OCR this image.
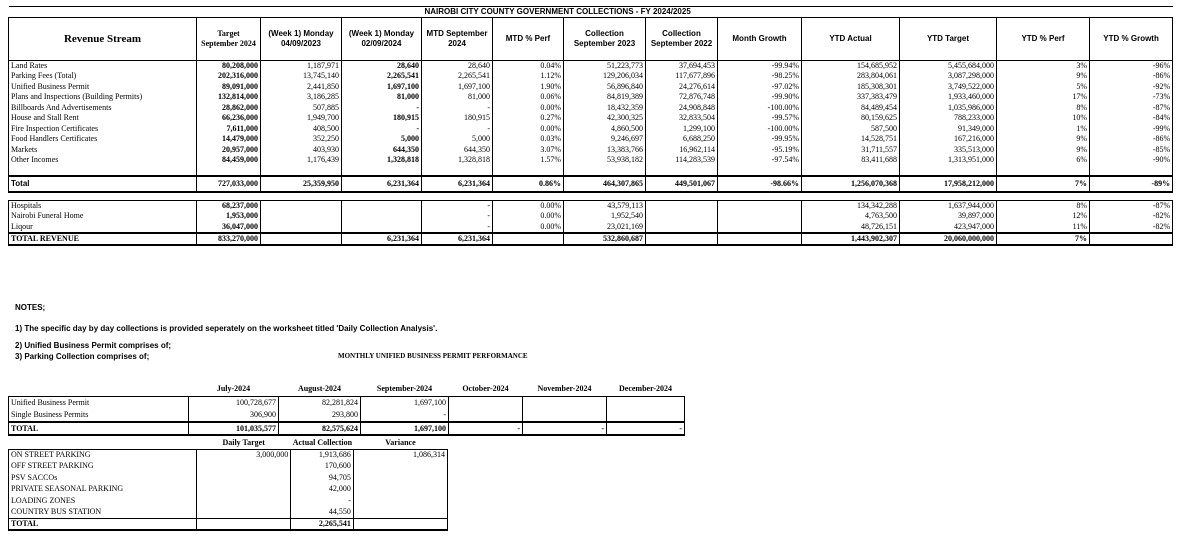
NAIROBI CITY COUNTY GOVERNMENT COLLECTIONS - FY 2024/2025												
Revenue Stream	Target September 2024	(Week 1) Monday 04/09/2023	(Week 1) Monday 02/09/2024	MTD September 2024	MTD % Perf	Collection September 2023	Collection September 2022	Month Growth	YTD Actual	YTD Target	YTD % Perf	YTD % Growth
Land Rates	80,208,000	1,187,971	28,640	28,640	0.04%	51,223,773	37,694,453	-99.94%	154,685,952	5,455,684,000	3%	-96%
Parking Fees (Total)	202,316,000	13,745,140	2,265,541	2,265,541	1.12%	129,206,034	117,677,896	-98.25%	283,804,061	3,087,298,000	9%	-86%
Unified Business Permit	89,091,000	2,441,850	1,697,100	1,697,100	1.90%	56,896,840	24,276,614	-97.02%	185,308,301	3,749,522,000	5%	-92%
Plans and Inspections (Building Permits)	132,814,000	3,186,285	81,000	81,000	0.06%	84,819,389	72,876,748	-99.90%	337,383,479	1,933,460,000	17%	-73%
Billboards And Advertisements	28,862,000	507,885	-	-	0.00%	18,432,359	24,908,848	-100.00%	84,489,454	1,035,986,000	8%	-87%
House and Stall Rent	66,236,000	1,949,700	180,915	180,915	0.27%	42,300,325	32,833,504	-99.57%	80,159,625	788,233,000	10%	-84%
Fire Inspection Certificates	7,611,000	408,500	-	-	0.00%	4,860,500	1,299,100	-100.00%	587,500	91,349,000	1%	-99%
Food Handlers Certificates	14,479,000	352,250	5,000	5,000	0.03%	9,246,697	6,688,250	-99.95%	14,528,751	167,216,000	9%	-86%
Markets	20,957,000	403,930	644,350	644,350	3.07%	13,383,766	16,962,114	-95.19%	31,711,557	335,513,000	9%	-85%
Other Incomes	84,459,000	1,176,439	1,328,818	1,328,818	1.57%	53,938,182	114,283,539	-97.54%	83,411,688	1,313,951,000	6%	-90%

Total	727,033,000	25,359,950	6,231,364	6,231,364	0.86%	464,307,865	449,501,067	-98.66%	1,256,070,368	17,958,212,000	7%	-89%

Hospitals	68,237,000			-	0.00%	43,579,113			134,342,288	1,637,944,000	8%	-87%
Nairobi Funeral Home	1,953,000			-	0.00%	1,952,540			4,763,500	39,897,000	12%	-82%
Liqour	36,047,000			-	0.00%	23,021,169			48,726,151	423,947,000	11%	-82%
TOTAL REVENUE	833,270,000		6,231,364	6,231,364		532,860,687			1,443,902,307	20,060,000,000	7%	
NOTES;
1) The specific day by day collections is provided seperately on the worksheet titled 'Daily Collection Analysis'.
2) Unified Business Permit comprises of;
3) Parking Collection comprises of;	MONTHLY UNIFIED BUSINESS PERMIT PERFORMANCE
	July-2024	August-2024	September-2024	October-2024	November-2024	December-2024
Unified Business Permit	100,728,677	82,281,824	1,697,100			
Single Business Permits	306,900	293,800	-			
TOTAL	101,035,577	82,575,624	1,697,100	-	-	-
	Daily Target	Actual Collection	Variance
ON STREET PARKING	3,000,000	1,913,686	1,086,314
OFF STREET PARKING		170,600	
PSV SACCOs		94,705	
PRIVATE SEASONAL PARKING		42,000	
LOADING ZONES		-	
COUNTRY BUS STATION		44,550	
TOTAL		2,265,541	
